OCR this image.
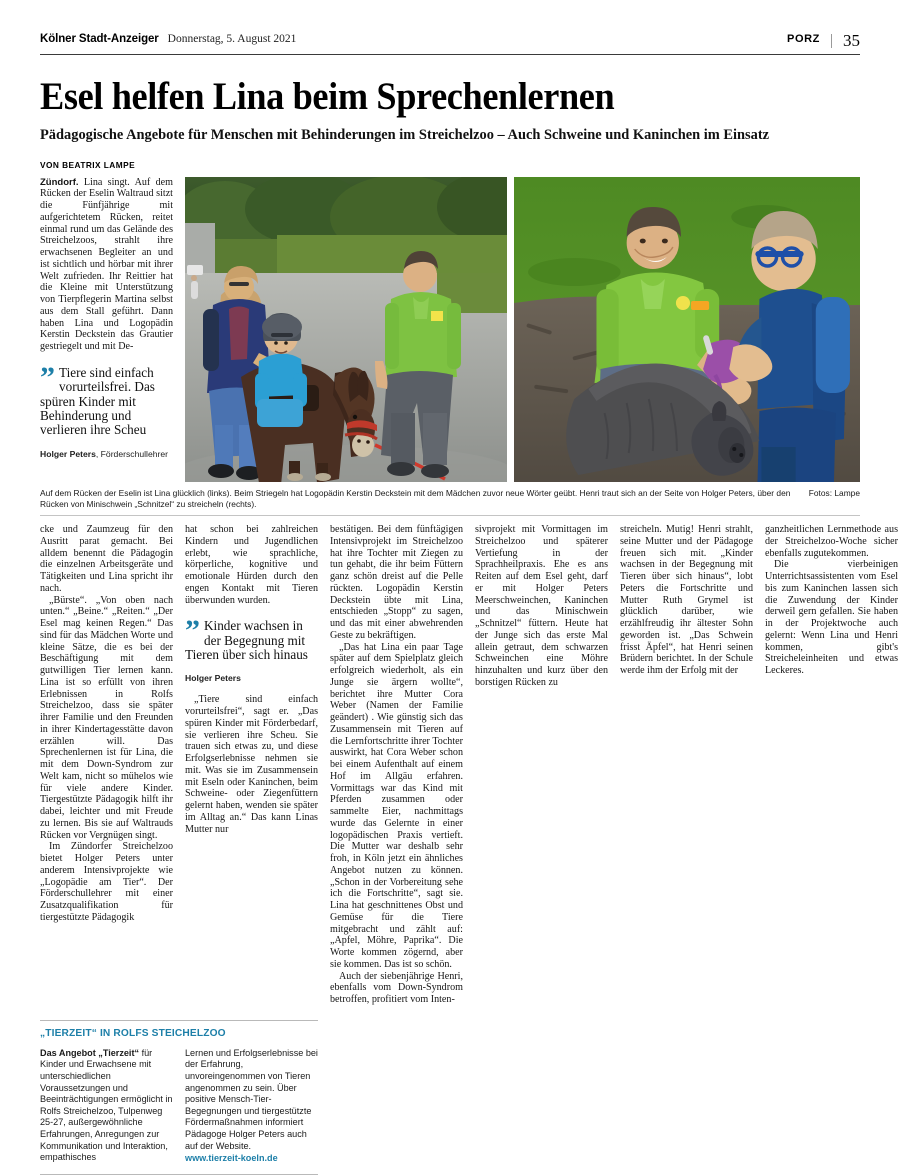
Kölner Stadt-Anzeiger Donnerstag, 5. August 2021	PORZ	35
Esel helfen Lina beim Sprechenlernen
Pädagogische Angebote für Menschen mit Behinderungen im Streichelzoo – Auch Schweine und Kaninchen im Einsatz
VON BEATRIX LAMPE

Zündorf. Lina singt. Auf dem Rücken der Eselin Waltraud sitzt die Fünfjährige mit aufgerichtetem Rücken, reitet einmal rund um das Gelände des Streichelzoos, strahlt ihre erwachsenen Begleiter an und ist sichtlich und hörbar mit ihrer Welt zufrieden. Ihr Reittier hat die Kleine mit Unterstützung von Tierpflegerin Martina selbst aus dem Stall geführt. Dann haben Lina und Logopädin Kerstin Deckstein das Grautier gestriegelt und mit De-

” Tiere sind einfach vorurteilsfrei. Das spüren Kinder mit Behinderung und verlieren ihre Scheu
Holger Peters, Förderschullehrer
Auf dem Rücken der Eselin ist Lina glücklich (links). Beim Striegeln hat Logopädin Kerstin Deckstein mit dem Mädchen zuvor neue Wörter geübt. Henri traut sich an der Seite von Holger Peters, über den Rücken von Minischwein „Schnitzel“ zu streicheln (rechts).
Fotos: Lampe

cke und Zaumzeug für den Ausritt parat gemacht. Bei alldem benennt die Pädagogin die einzelnen Arbeitsgeräte und Tätigkeiten und Lina spricht ihr nach.

„Bürste“. „Von oben nach unten.“ „Beine.“ „Reiten.“ „Der Esel mag keinen Regen.“ Das sind für das Mädchen Worte und kleine Sätze, die es bei der Beschäftigung mit dem gutwilligen Tier lernen kann. Lina ist so erfüllt von ihren Erlebnissen in Rolfs Streichelzoo, dass sie später ihrer Familie und den Freunden in ihrer Kindertagesstätte davon erzählen will. Das Sprechenlernen ist für Lina, die mit dem Down-Syndrom zur Welt kam, nicht so mühelos wie für viele andere Kinder. Tiergestützte Pädagogik hilft ihr dabei, leichter und mit Freude zu lernen. Bis sie auf Waltrauds Rücken vor Vergnügen singt.

Im Zündorfer Streichelzoo bietet Holger Peters unter anderem Intensivprojekte wie „Logopädie am Tier“. Der Förderschullehrer mit einer Zusatzqualifikation für tiergestützte Pädagogik

hat schon bei zahlreichen Kindern und Jugendlichen erlebt, wie sprachliche, körperliche, kognitive und emotionale Hürden durch den engen Kontakt mit Tieren überwunden wurden.

” Kinder wachsen in der Begegnung mit Tieren über sich hinaus
Holger Peters

„Tiere sind einfach vorurteilsfrei“, sagt er. „Das spüren Kinder mit Förderbedarf, sie verlieren ihre Scheu. Sie trauen sich etwas zu, und diese Erfolgserlebnisse nehmen sie mit. Was sie im Zusammensein mit Eseln oder Kaninchen, beim Schweine- oder Ziegenfüttern gelernt haben, wenden sie später im Alltag an.“ Das kann Linas Mutter nur

bestätigen. Bei dem fünftägigen Intensivprojekt im Streichelzoo hat ihre Tochter mit Ziegen zu tun gehabt, die ihr beim Füttern ganz schön dreist auf die Pelle rückten. Logopädin Kerstin Deckstein übte mit Lina, entschieden „Stopp“ zu sagen, und das mit einer abwehrenden Geste zu bekräftigen.

„Das hat Lina ein paar Tage später auf dem Spielplatz gleich erfolgreich wiederholt, als ein Junge sie ärgern wollte“, berichtet ihre Mutter Cora Weber (Namen der Familie geändert) . Wie günstig sich das Zusammensein mit Tieren auf die Lernfortschritte ihrer Tochter auswirkt, hat Cora Weber schon bei einem Aufenthalt auf einem Hof im Allgäu erfahren. Vormittags war das Kind mit Pferden zusammen oder sammelte Eier, nachmittags wurde das Gelernte in einer logopädischen Praxis vertieft. Die Mutter war deshalb sehr froh, in Köln jetzt ein ähnliches Angebot nutzen zu können. „Schon in der Vorbereitung sehe ich die Fortschritte“, sagt sie. Lina hat geschnittenes Obst und Gemüse für die Tiere mitgebracht und zählt auf: „Apfel, Möhre, Paprika“. Die Worte kommen zögernd, aber sie kommen. Das ist so schön.

Auch der siebenjährige Henri, ebenfalls vom Down-Syndrom betroffen, profitiert vom Inten-

sivprojekt mit Vormittagen im Streichelzoo und späterer Vertiefung in der Sprachheilpraxis. Ehe es ans Reiten auf dem Esel geht, darf er mit Holger Peters Meerschweinchen, Kaninchen und das Minischwein „Schnitzel“ füttern. Heute hat der Junge sich das erste Mal allein getraut, dem schwarzen Schweinchen eine Möhre hinzuhalten und kurz über den borstigen Rücken zu

streicheln. Mutig! Henri strahlt, seine Mutter und der Pädagoge freuen sich mit. „Kinder wachsen in der Begegnung mit Tieren über sich hinaus“, lobt Peters die Fortschritte und Mutter Ruth Grymel ist glücklich darüber, wie erzählfreudig ihr ältester Sohn geworden ist. „Das Schwein frisst Äpfel“, hat Henri seinen Brüdern berichtet. In der Schule werde ihm der Erfolg mit der

ganzheitlichen Lernmethode aus der Streichelzoo-Woche sicher ebenfalls zugutekommen.

Die vierbeinigen Unterrichtsassistenten vom Esel bis zum Kaninchen lassen sich die Zuwendung der Kinder derweil gern gefallen. Sie haben in der Projektwoche auch gelernt: Wenn Lina und Henri kommen, gibt's Streicheleinheiten und etwas Leckeres.

„TIERZEIT“ IN ROLFS STEICHELZOO

Das Angebot „Tierzeit“ für Kinder und Erwachsene mit unterschiedlichen Voraussetzungen und Beeinträchtigungen ermöglicht in Rolfs Streichelzoo, Tulpenweg 25-27, außergewöhnliche Erfahrungen, Anregungen zur Kommunikation und Interaktion, empathisches

Lernen und Erfolgserlebnisse bei der Erfahrung, unvoreingenommen von Tieren angenommen zu sein. Über positive Mensch-Tier-Begegnungen und tiergestützte Fördermaßnahmen informiert Pädagoge Holger Peters auch auf der Website.

www.tierzeit-koeln.de
